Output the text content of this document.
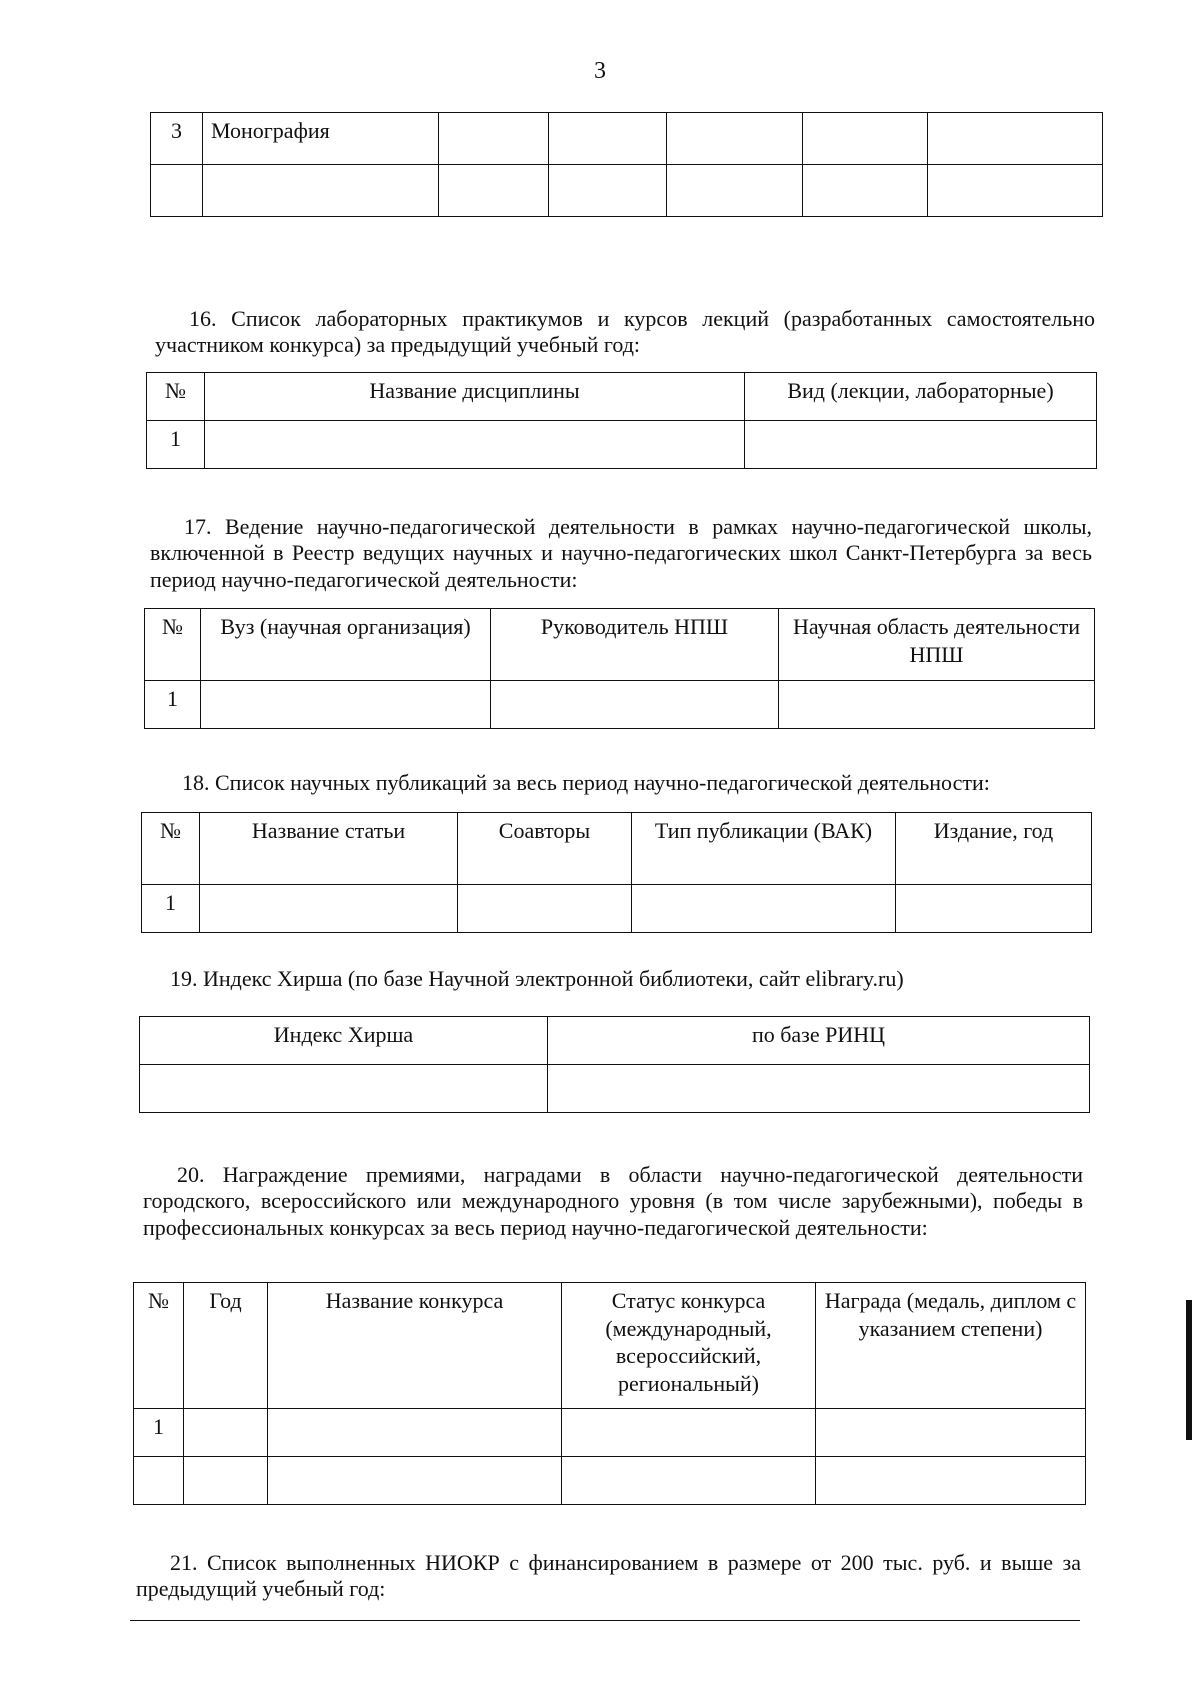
3
3	Монография					

16. Список лабораторных практикумов и курсов лекций (разработанных самостоятельно участником конкурса) за предыдущий учебный год:
№	Название дисциплины	Вид (лекции, лабораторные)
1		
17. Ведение научно-педагогической деятельности в рамках научно-педагогической школы, включенной в Реестр ведущих научных и научно-педагогических школ Санкт-Петербурга за весь период научно-педагогической деятельности:
№	Вуз (научная организация)	Руководитель НПШ	Научная область деятельности НПШ
1			
18. Список научных публикаций за весь период научно-педагогической деятельности:
№	Название статьи	Соавторы	Тип публикации (ВАК)	Издание, год
1				
19. Индекс Хирша (по базе Научной электронной библиотеки, сайт elibrary.ru)
Индекс Хирша	по базе РИНЦ

20. Награждение премиями, наградами в области научно-педагогической деятельности городского, всероссийского или международного уровня (в том числе зарубежными), победы в профессиональных конкурсах за весь период научно-педагогической деятельности:
№	Год	Название конкурса	Статус конкурса (международный, всероссийский, региональный)	Награда (медаль, диплом с указанием степени)
1				

21. Список выполненных НИОКР с финансированием в размере от 200 тыс. руб. и выше за предыдущий учебный год:
